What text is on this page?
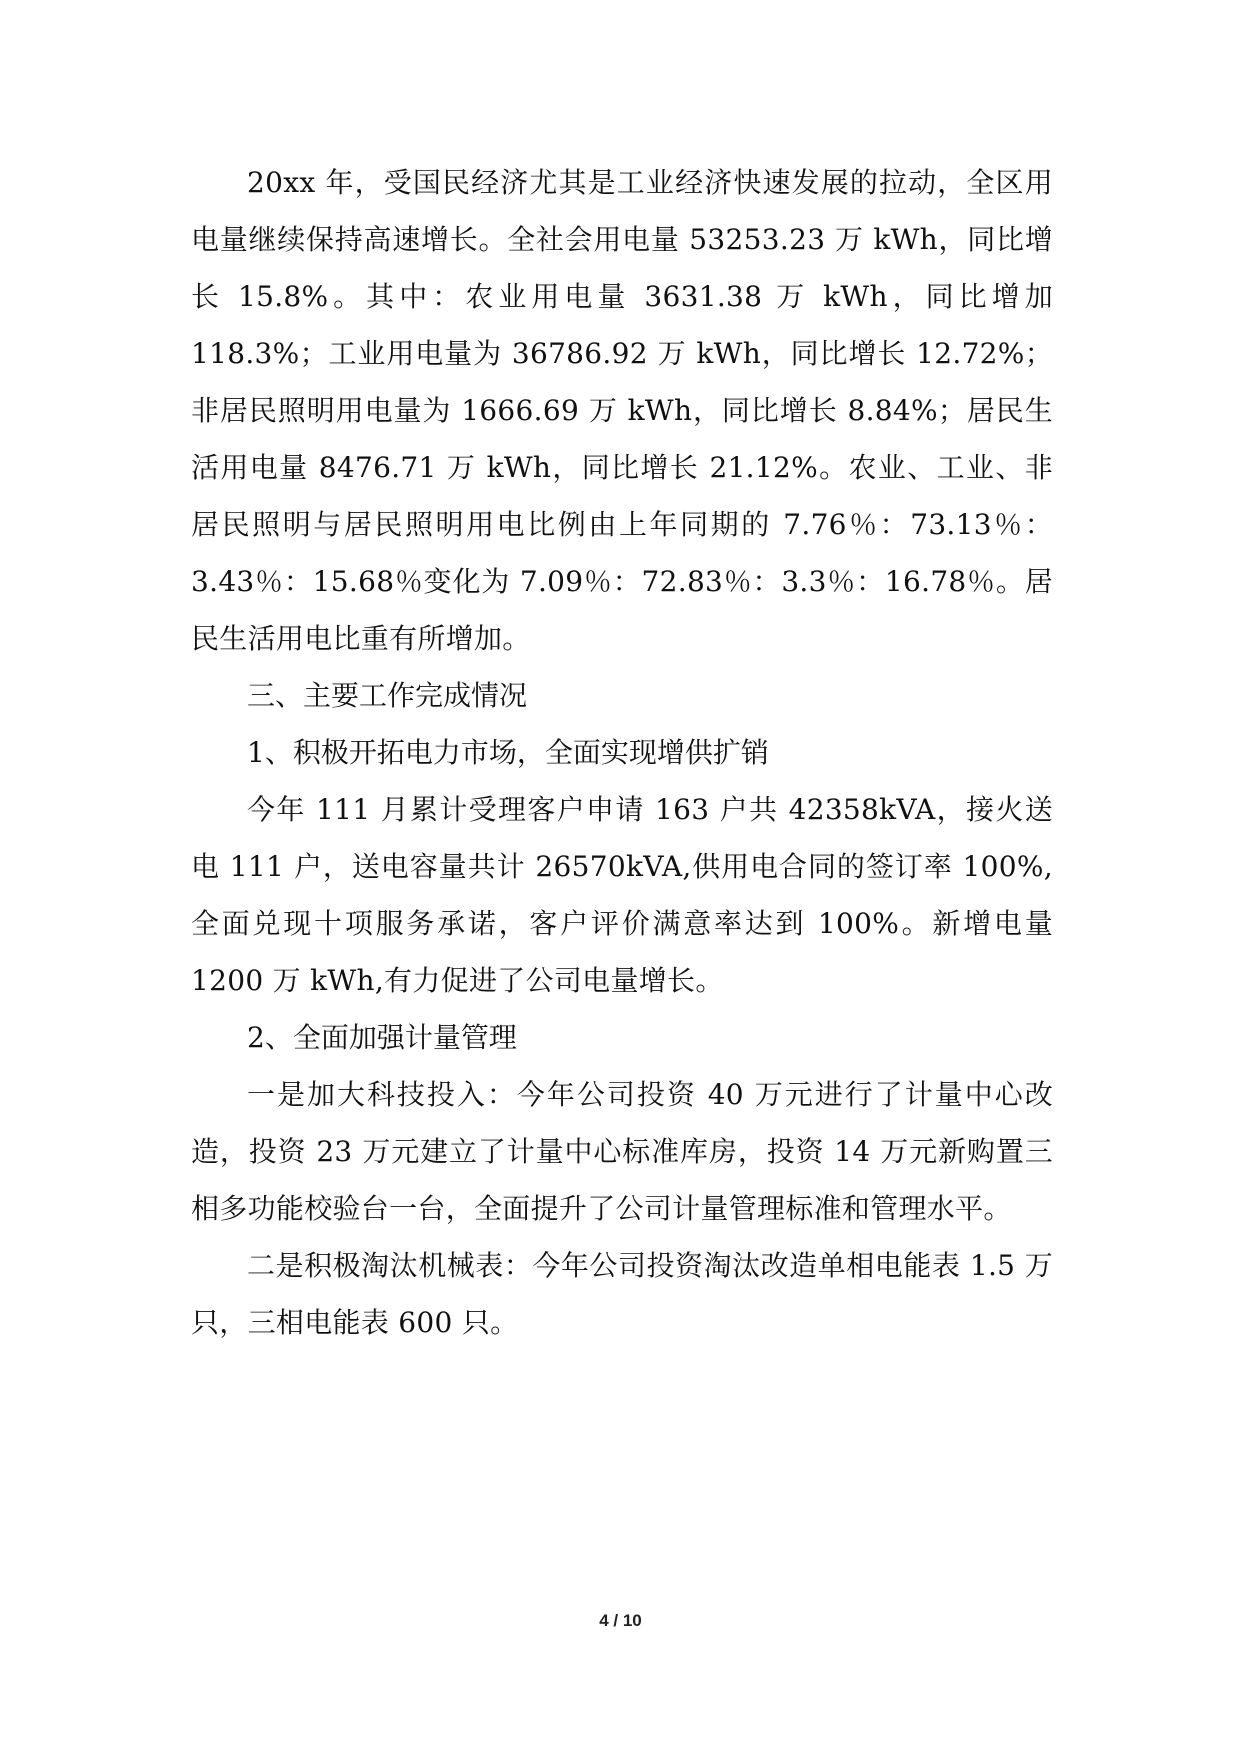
20xx 年，受国民经济尤其是工业经济快速发展的拉动，全区用电量继续保持高速增长。全社会用电量 53253.23 万 kWh，同比增长 15.8%。其中：农业用电量 3631.38 万 kWh，同比增加 118.3%；工业用电量为 36786.92 万 kWh，同比增长 12.72%；非居民照明用电量为 1666.69 万 kWh，同比增长 8.84%；居民生活用电量 8476.71 万 kWh，同比增长 21.12%。农业、工业、非居民照明与居民照明用电比例由上年同期的 7.76％：73.13％：3.43％：15.68％变化为 7.09％：72.83％：3.3％：16.78％。居民生活用电比重有所增加。

三、主要工作完成情况

1、积极开拓电力市场，全面实现增供扩销

今年 111 月累计受理客户申请 163 户共 42358kVA，接火送电 111 户，送电容量共计 26570kVA,供用电合同的签订率 100%,全面兑现十项服务承诺，客户评价满意率达到 100%。新增电量 1200 万 kWh,有力促进了公司电量增长。

2、全面加强计量管理

一是加大科技投入：今年公司投资 40 万元进行了计量中心改造，投资 23 万元建立了计量中心标准库房，投资 14 万元新购置三相多功能校验台一台，全面提升了公司计量管理标准和管理水平。

二是积极淘汰机械表：今年公司投资淘汰改造单相电能表 1.5 万只，三相电能表 600 只。

4 / 10
